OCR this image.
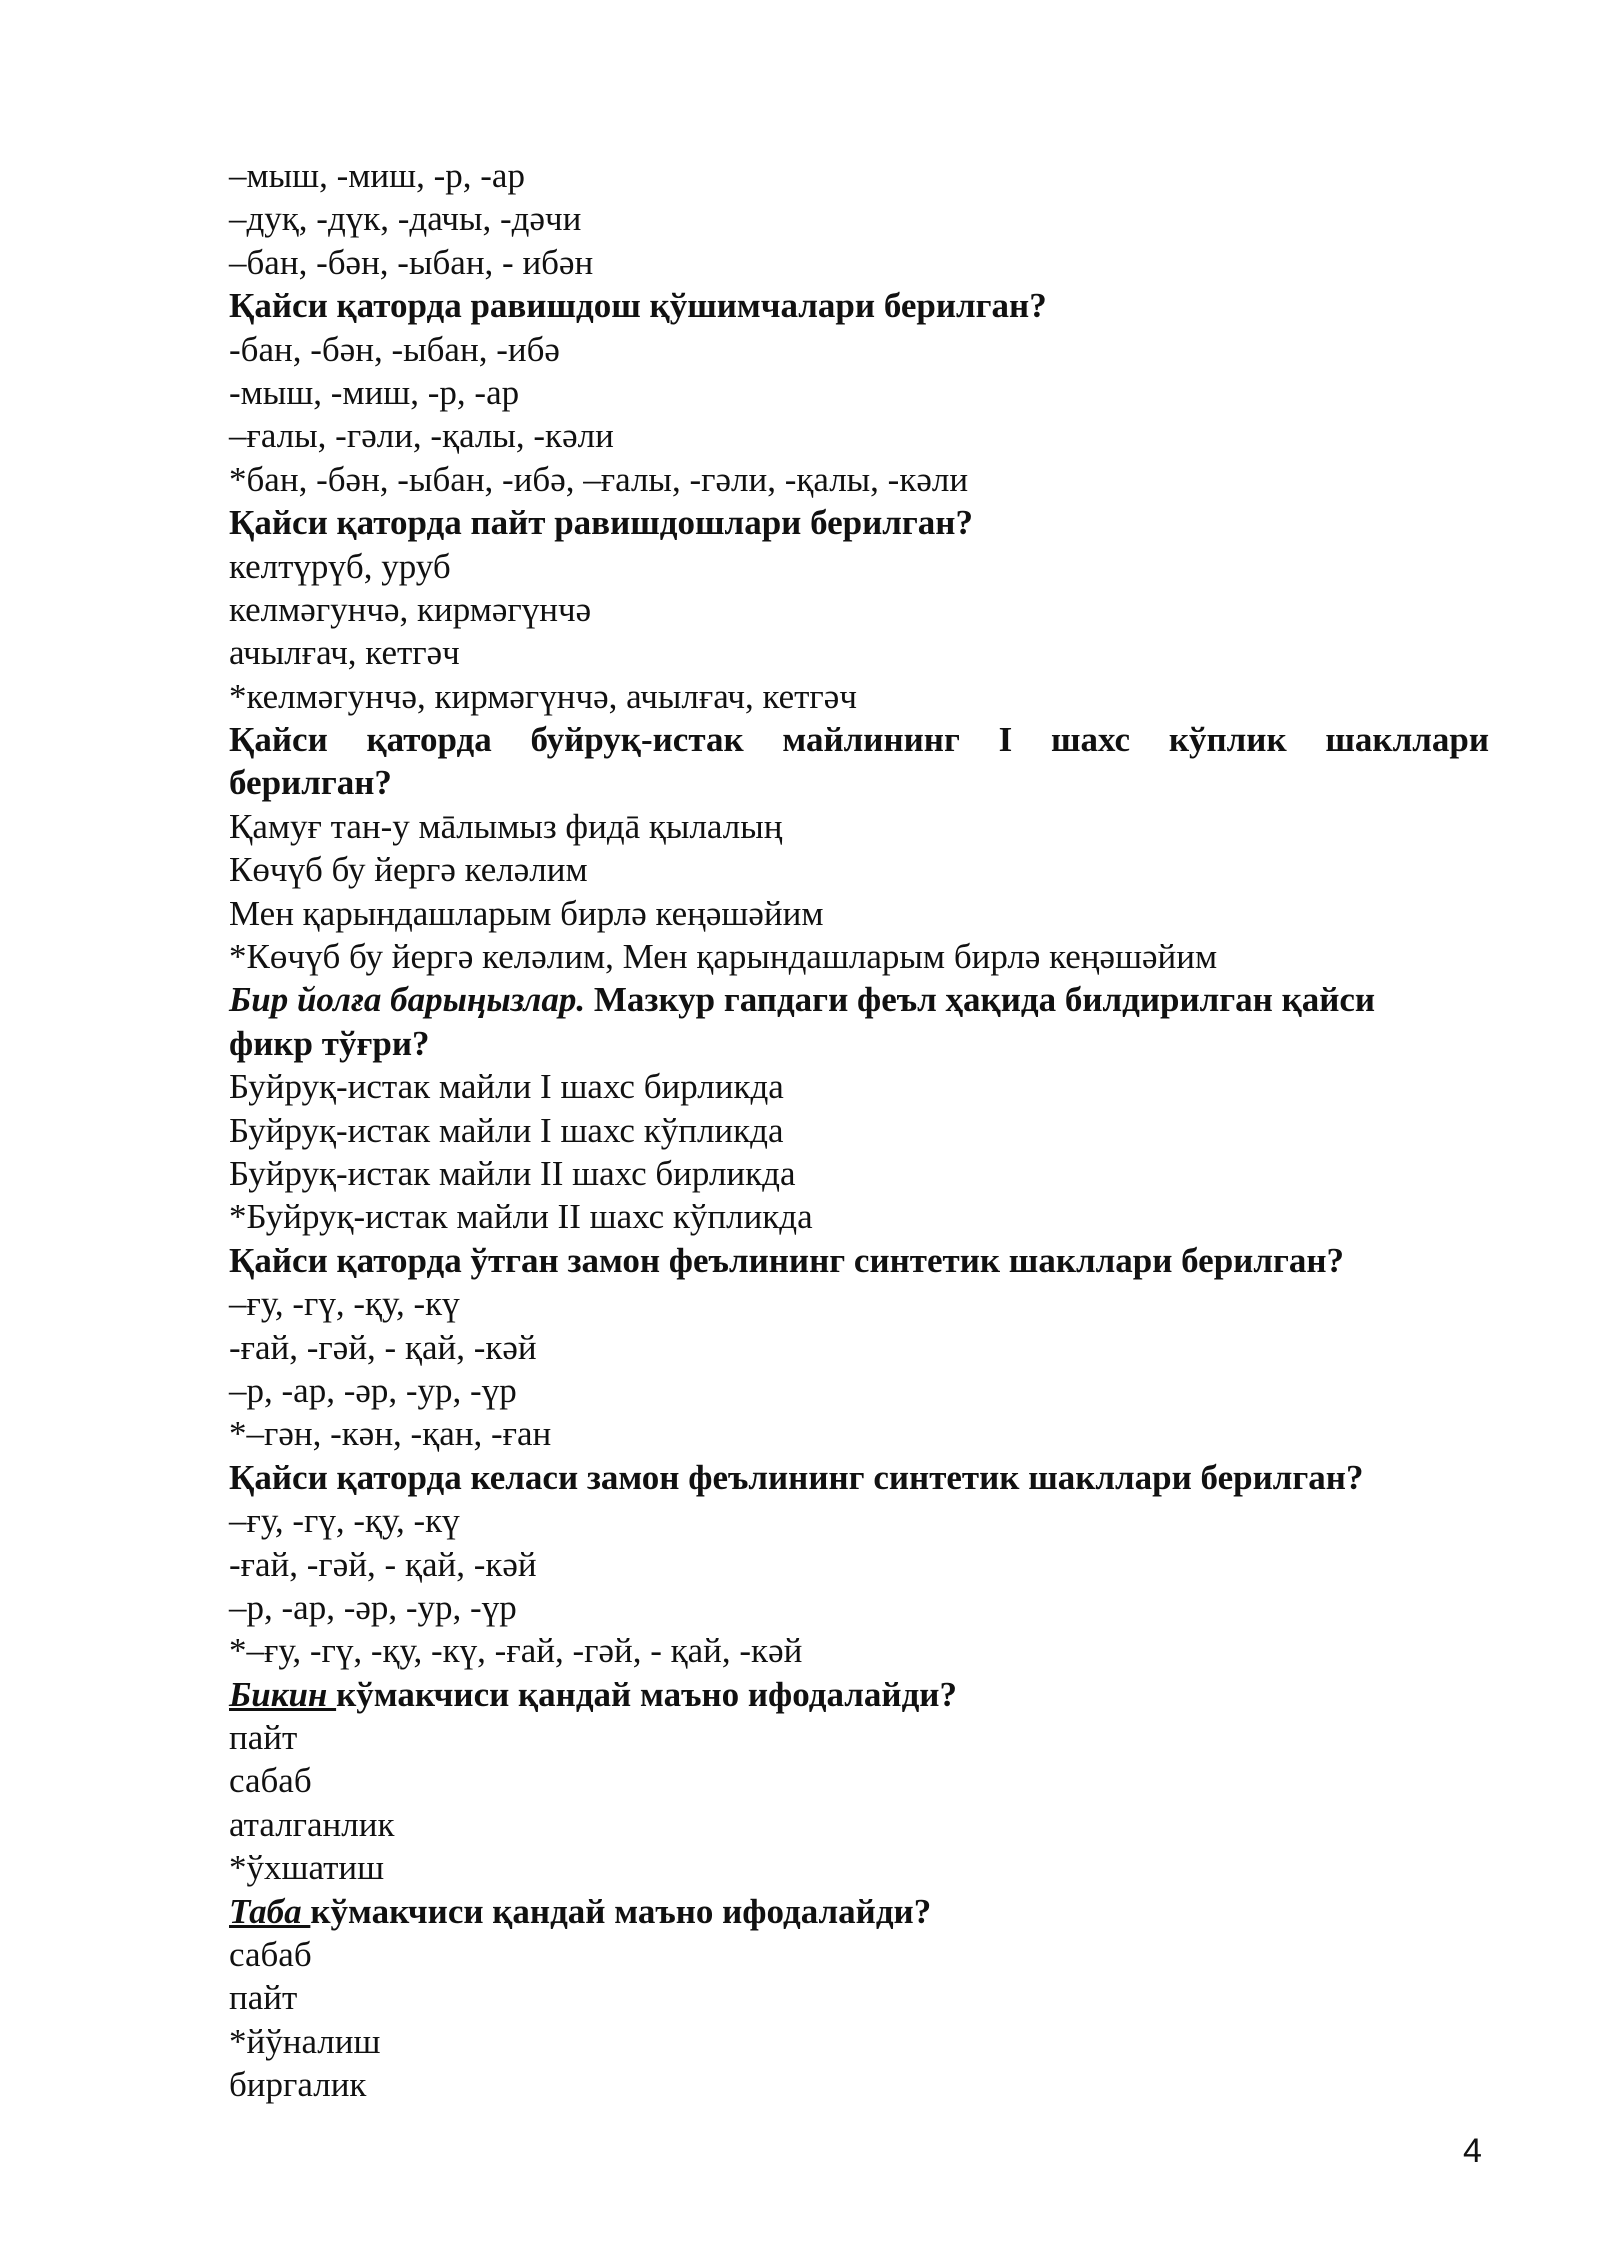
–мыш, -миш, -р, -ар
–дуқ, -дүк, -дачы, -дәчи
–бан, -бән, -ыбан, - ибән
Қайси қаторда равишдош қўшимчалари берилган?
-бан, -бән, -ыбан, -ибә
-мыш, -миш, -р, -ар
–ғалы, -гәли, -қалы, -кәли
*бан, -бән, -ыбан, -ибә, –ғалы, -гәли, -қалы, -кәли
Қайси қаторда пайт равишдошлари берилган?
келтүрүб, уруб
келмәгунчә, кирмәгүнчә
ачылғач, кетгәч
*келмәгунчә, кирмәгүнчә, ачылғач, кетгәч
Қайси қаторда буйруқ-истак майлининг I шахс кўплик шакллари
берилган?
Қамуғ тан-у мāлымыз фидā қылалың
Көчүб бу йергә келәлим
Мен қарындашларым бирлә кеңәшәйим
*Көчүб бу йергә келәлим, Мен қарындашларым бирлә кеңәшәйим
Бир йолға барыңызлар. Мазкур гапдаги феъл ҳақида билдирилган қайси
фикр тўғри?
Буйруқ-истак майли I шахс бирликда
Буйруқ-истак майли I шахс кўпликда
Буйруқ-истак майли II шахс бирликда
*Буйруқ-истак майли II шахс кўпликда
Қайси қаторда ўтган замон феълининг синтетик шакллари берилган?
–ғу, -гү, -қу, -кү
-ғай, -гәй, - қай, -кәй
–р, -ар, -әр, -ур, -үр
*–гән, -кән, -қан, -ған
Қайси қаторда келаси замон феълининг синтетик шакллари берилган?
–ғу, -гү, -қу, -кү
-ғай, -гәй, - қай, -кәй
–р, -ар, -әр, -ур, -үр
*–ғу, -гү, -қу, -кү, -ғай, -гәй, - қай, -кәй
Бикин кўмакчиси қандай маъно ифодалайди?
пайт
сабаб
аталганлик
*ўхшатиш
Таба кўмакчиси қандай маъно ифодалайди?
сабаб
пайт
*йўналиш
биргалик
4
